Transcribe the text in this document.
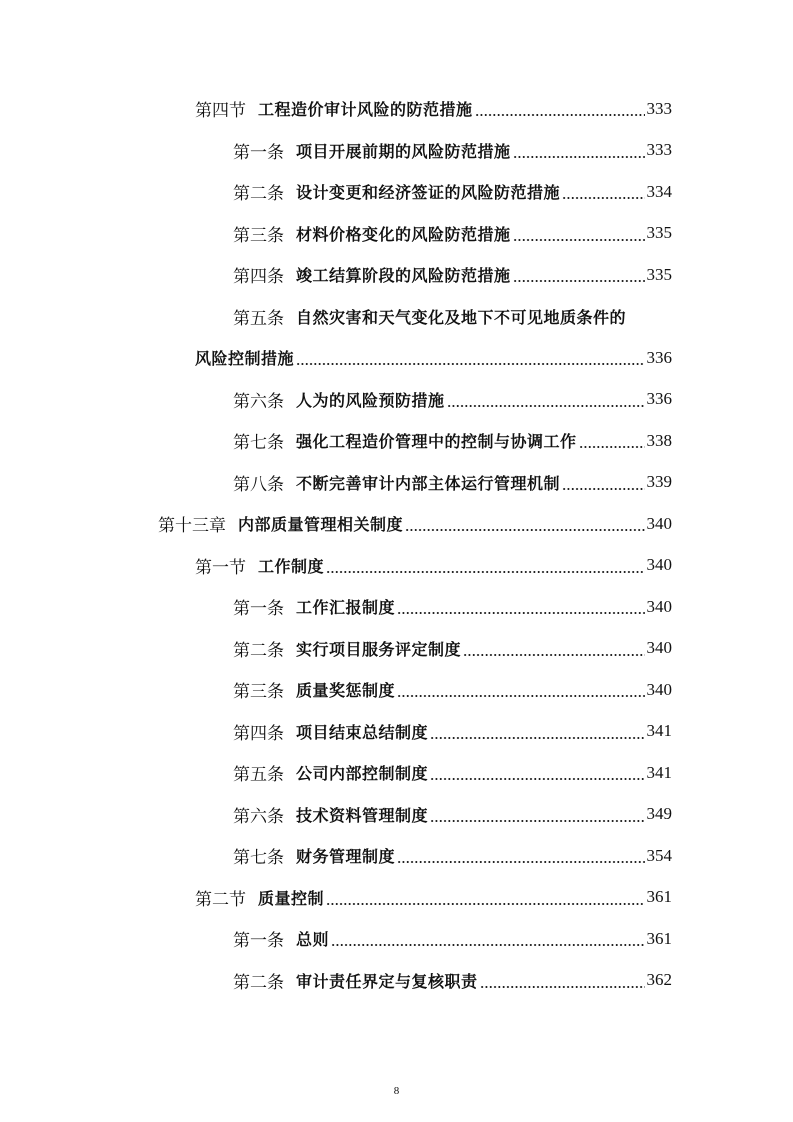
第四节 工程造价审计风险的防范措施	333
第一条 项目开展前期的风险防范措施	333
第二条 设计变更和经济签证的风险防范措施	334
第三条 材料价格变化的风险防范措施	335
第四条 竣工结算阶段的风险防范措施	335
第五条 自然灾害和天气变化及地下不可见地质条件的
风险控制措施	336
第六条 人为的风险预防措施	336
第七条 强化工程造价管理中的控制与协调工作	338
第八条 不断完善审计内部主体运行管理机制	339
第十三章 内部质量管理相关制度	340
第一节 工作制度	340
第一条 工作汇报制度	340
第二条 实行项目服务评定制度	340
第三条 质量奖惩制度	340
第四条 项目结束总结制度	341
第五条 公司内部控制制度	341
第六条 技术资料管理制度	349
第七条 财务管理制度	354
第二节 质量控制	361
第一条 总则	361
第二条 审计责任界定与复核职责	362
8
